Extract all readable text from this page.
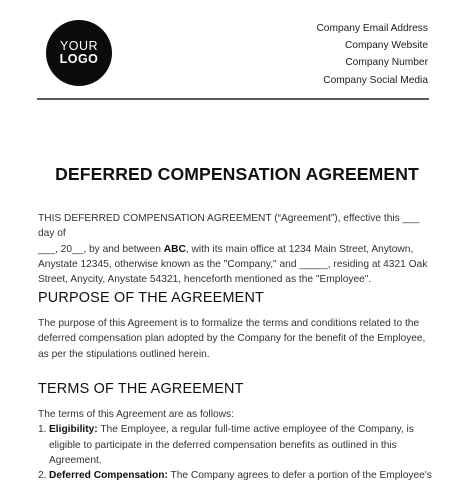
YOUR
LOGO
Company Email Address
Company Website
Company Number
Company Social Media
DEFERRED COMPENSATION AGREEMENT
THIS DEFERRED COMPENSATION AGREEMENT (“Agreement”), effective this ___ day of
___, 20__, by and between ABC, with its main office at 1234 Main Street, Anytown,
Anystate 12345, otherwise known as the "Company," and _____, residing at 4321 Oak
Street, Anycity, Anystate 54321, henceforth mentioned as the "Employee".
PURPOSE OF THE AGREEMENT
The purpose of this Agreement is to formalize the terms and conditions related to the
deferred compensation plan adopted by the Company for the benefit of the Employee,
as per the stipulations outlined herein.
TERMS OF THE AGREEMENT
The terms of this Agreement are as follows:
1. Eligibility: The Employee, a regular full-time active employee of the Company, is
eligible to participate in the deferred compensation benefits as outlined in this
Agreement.
2. Deferred Compensation: The Company agrees to defer a portion of the Employee's
